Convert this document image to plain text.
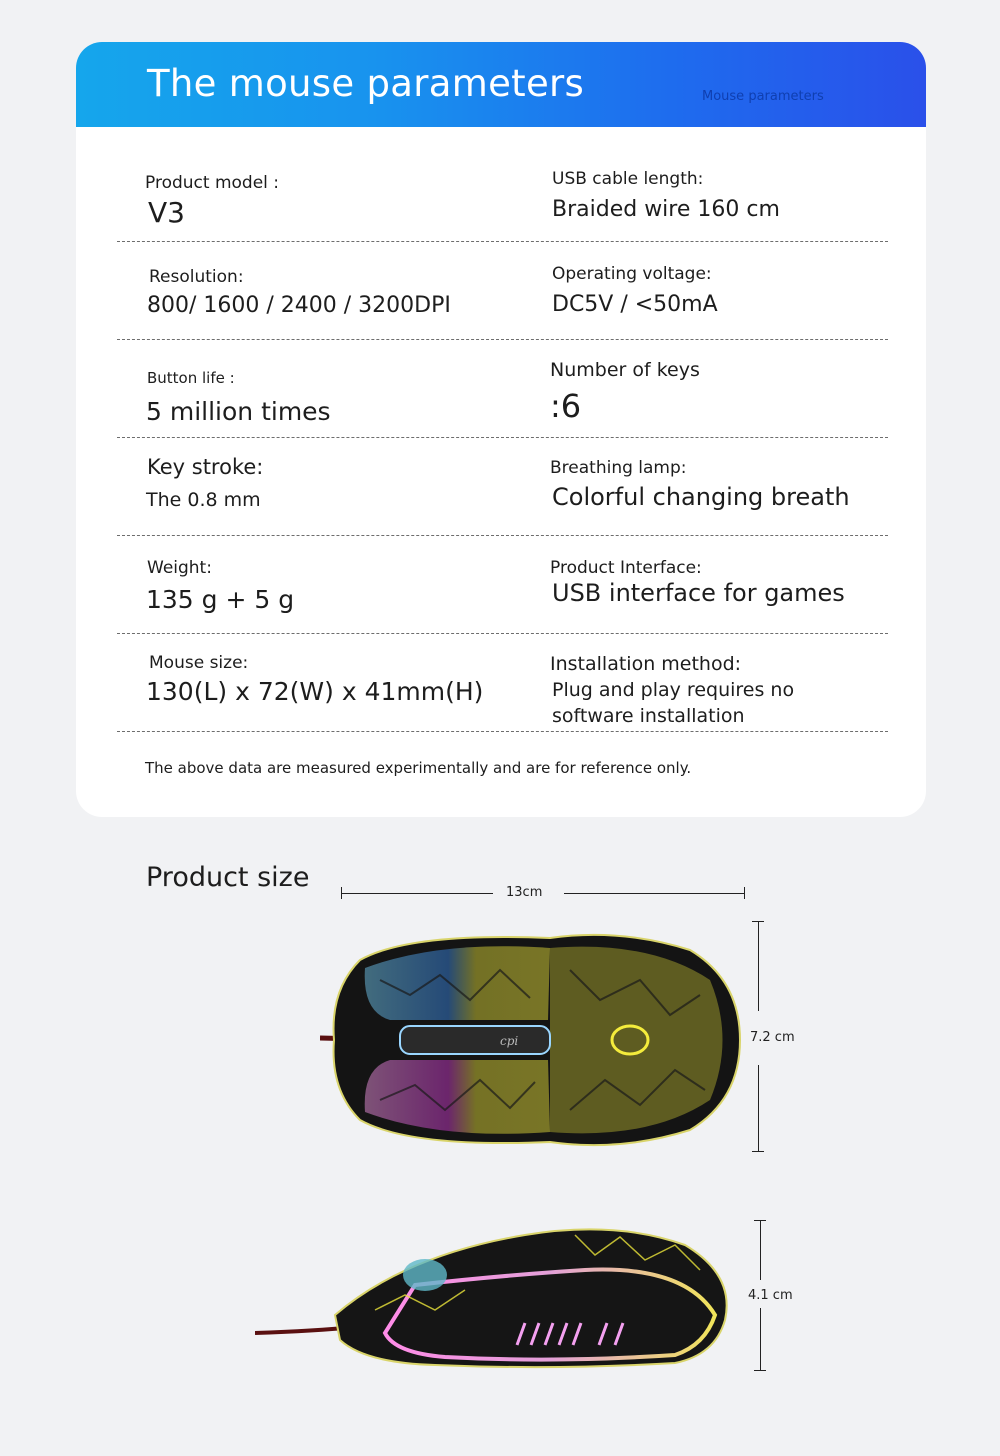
The mouse parameters	Mouse parameters
Product model :
V3
USB cable length:
Braided wire 160 cm
Resolution:
800/ 1600 / 2400 / 3200DPI
Operating voltage:
DC5V / <50mA
Button life :
5 million times
Number of keys
:6
Key stroke:
The 0.8 mm
Breathing lamp:
Colorful changing breath
Weight:
135 g + 5 g
Product Interface:
USB interface for games
Mouse size:
130(L) x 72(W) x 41mm(H)
Installation method:
Plug and play requires no
software installation
The above data are measured experimentally and are for reference only.
Product size	13cm
7.2 cm
4.1 cm
cpi
